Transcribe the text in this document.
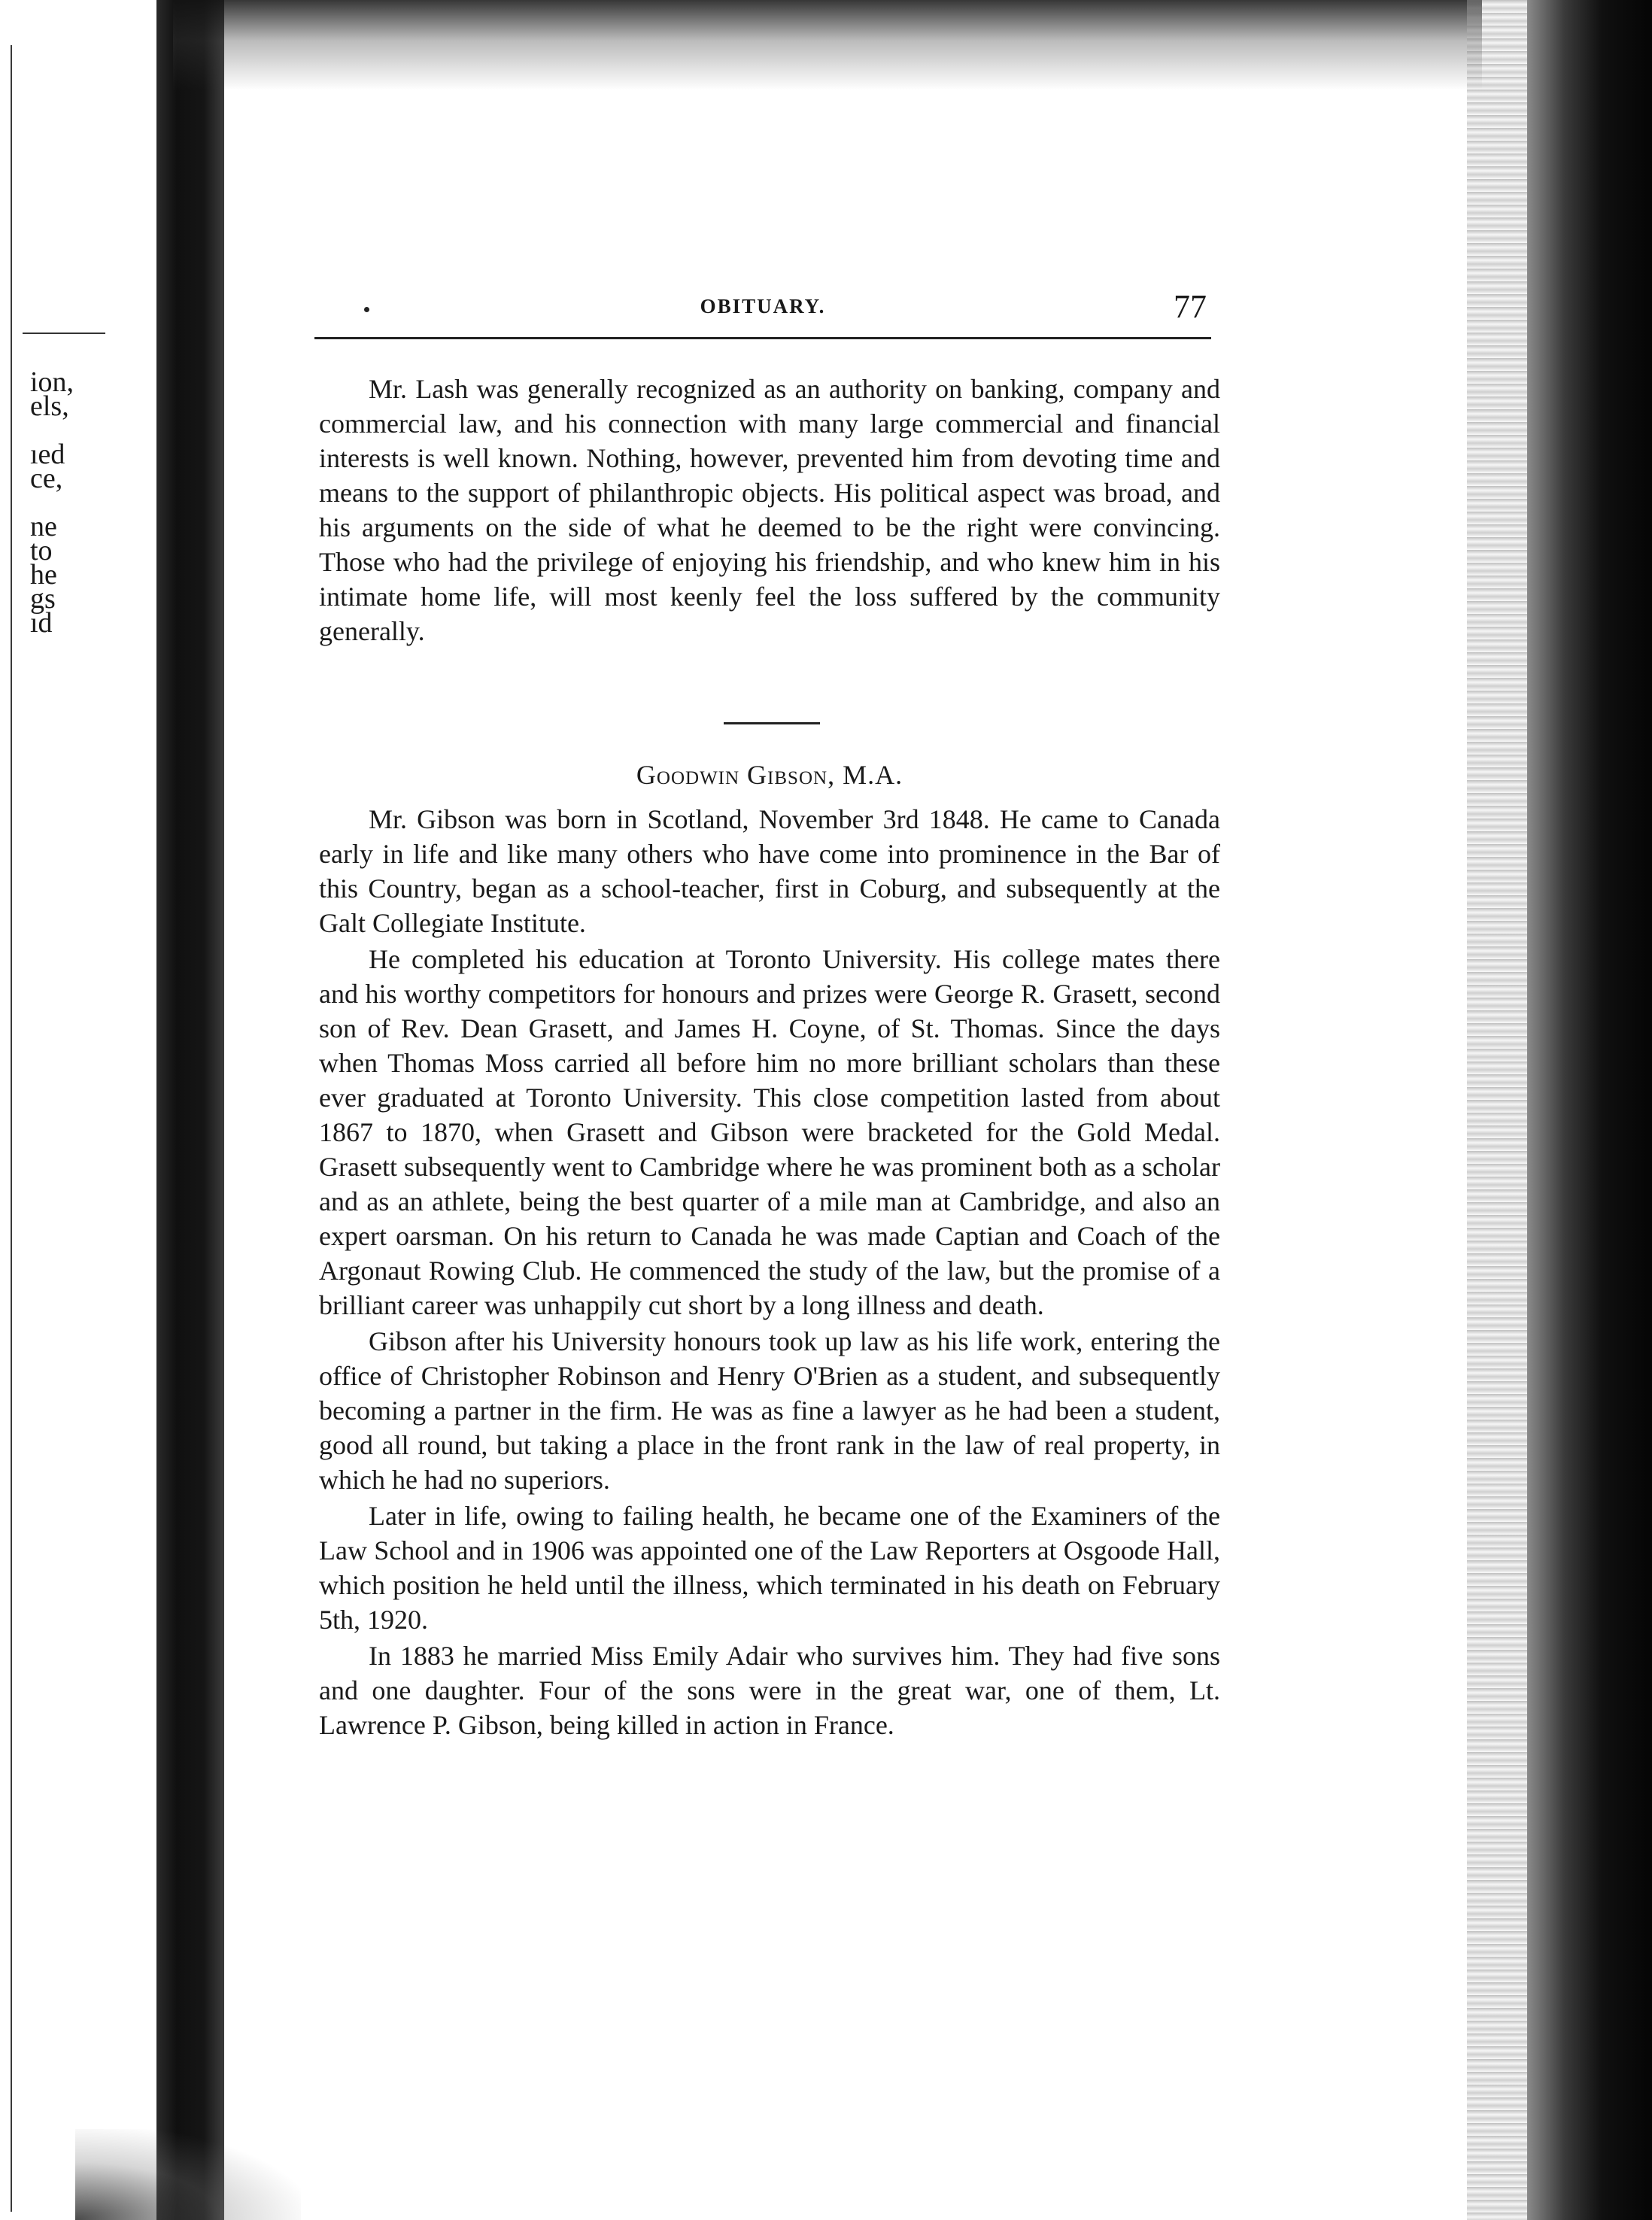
ion,
els,
ıed
ce,
ne
to
he
gs
ıd
OBITUARY.	77

Mr. Lash was generally recognized as an authority on banking, company and commercial law, and his connection with many large commercial and financial interests is well known. Nothing, however, prevented him from devoting time and means to the support of philanthropic objects. His political aspect was broad, and his arguments on the side of what he deemed to be the right were convincing. Those who had the privilege of enjoying his friendship, and who knew him in his intimate home life, will most keenly feel the loss suffered by the community generally.

Goodwin Gibson, M.A.

Mr. Gibson was born in Scotland, November 3rd 1848. He came to Canada early in life and like many others who have come into prominence in the Bar of this Country, began as a school-teacher, first in Coburg, and subsequently at the Galt Collegiate Institute.

He completed his education at Toronto University. His college mates there and his worthy competitors for honours and prizes were George R. Grasett, second son of Rev. Dean Grasett, and James H. Coyne, of St. Thomas. Since the days when Thomas Moss carried all before him no more brilliant scholars than these ever graduated at Toronto University. This close competition lasted from about 1867 to 1870, when Grasett and Gibson were bracketed for the Gold Medal. Grasett subsequently went to Cambridge where he was prominent both as a scholar and as an athlete, being the best quarter of a mile man at Cambridge, and also an expert oarsman. On his return to Canada he was made Captian and Coach of the Argonaut Rowing Club. He commenced the study of the law, but the promise of a brilliant career was unhappily cut short by a long illness and death.

Gibson after his University honours took up law as his life work, entering the office of Christopher Robinson and Henry O'Brien as a student, and subsequently becoming a partner in the firm. He was as fine a lawyer as he had been a student, good all round, but taking a place in the front rank in the law of real property, in which he had no superiors.

Later in life, owing to failing health, he became one of the Examiners of the Law School and in 1906 was appointed one of the Law Reporters at Osgoode Hall, which position he held until the illness, which terminated in his death on February 5th, 1920.

In 1883 he married Miss Emily Adair who survives him. They had five sons and one daughter. Four of the sons were in the great war, one of them, Lt. Lawrence P. Gibson, being killed in action in France.
